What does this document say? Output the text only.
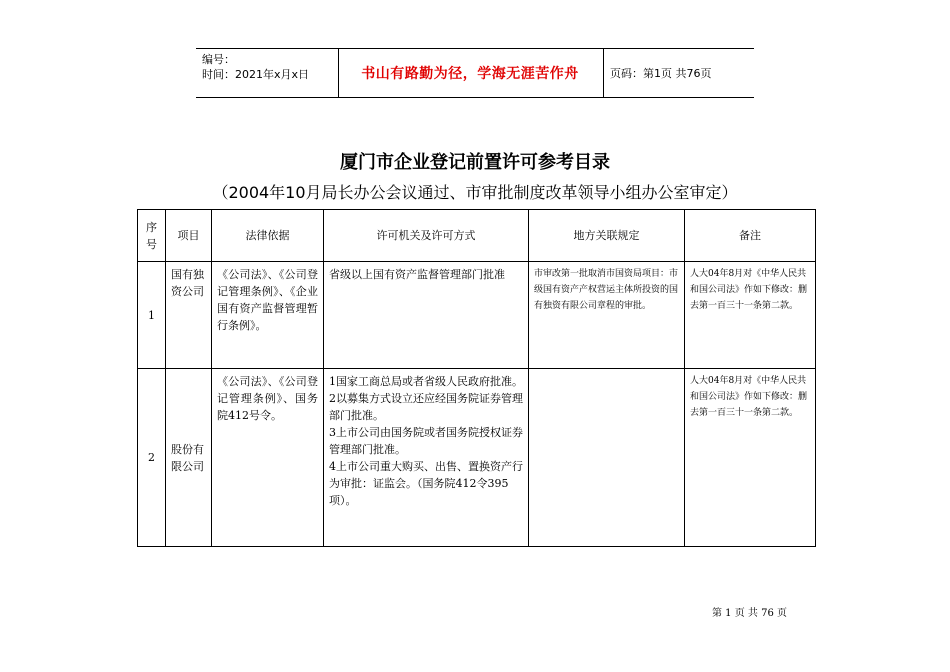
编号：
时间：2021年x月x日	书山有路勤为径，学海无涯苦作舟	页码：第1页 共76页
厦门市企业登记前置许可参考目录
（2004年10月局长办公会议通过、市审批制度改革领导小组办公室审定）
序号	项目	法律依据	许可机关及许可方式	地方关联规定	备注
1	国有独资公司	《公司法》、《公司登记管理条例》、《企业国有资产监督管理暂行条例》。	省级以上国有资产监督管理部门批准	市审改第一批取消市国资局项目：市级国有资产产权营运主体所投资的国有独资有限公司章程的审批。	人大04年8月对《中华人民共和国公司法》作如下修改：删去第一百三十一条第二款。
2	股份有限公司	《公司法》、《公司登记管理条例》、国务院412号令。	1国家工商总局或者省级人民政府批准。
2以募集方式设立还应经国务院证券管理部门批准。
3上市公司由国务院或者国务院授权证券管理部门批准。
4上市公司重大购买、出售、置换资产行为审批：证监会。（国务院412令395项）。		人大04年8月对《中华人民共和国公司法》作如下修改：删去第一百三十一条第二款。
第 1 页 共 76 页
